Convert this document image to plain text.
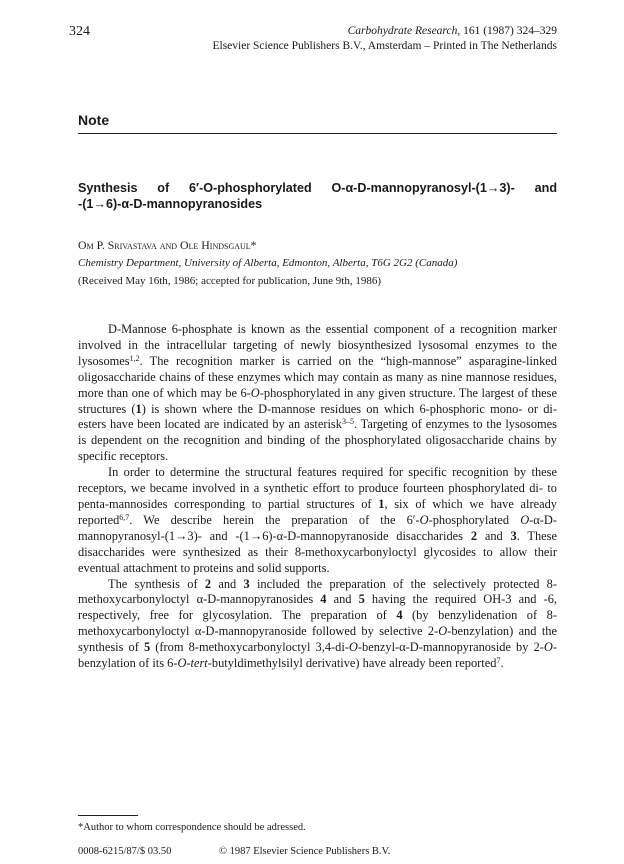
324	Carbohydrate Research, 161 (1987) 324–329
Elsevier Science Publishers B.V., Amsterdam – Printed in The Netherlands
Note
Synthesis of 6′-O-phosphorylated O-α-D-mannopyranosyl-(1→3)- and
-(1→6)-α-D-mannopyranosides
Om P. Srivastava and Ole Hindsgaul*
Chemistry Department, University of Alberta, Edmonton, Alberta, T6G 2G2 (Canada)
(Received May 16th, 1986; accepted for publication, June 9th, 1986)

D-Mannose 6-phosphate is known as the essential component of a recognition marker involved in the intracellular targeting of newly biosynthesized lysosomal enzymes to the lysosomes$^{1,2}$. The recognition marker is carried on the “high-mannose” asparagine-linked oligosaccharide chains of these enzymes which may contain as many as nine mannose residues, more than one of which may be 6-O-phosphorylated in any given structure. The largest of these structures (1) is shown where the D-mannose residues on which 6-phosphoric mono- or di-esters have been located are indicated by an asterisk$^{3-5}$. Targeting of enzymes to the lysosomes is dependent on the recognition and binding of the phosphorylated oligosaccharide chains by specific receptors.

In order to determine the structural features required for specific recognition by these receptors, we became involved in a synthetic effort to produce fourteen phosphorylated di- to penta-mannosides corresponding to partial structures of 1, six of which we have already reported$^{6,7}$. We describe herein the preparation of the 6′-O-phosphorylated O-α-D-mannopyranosyl-(1→3)- and -(1→6)-α-D-mannopyranoside disaccharides 2 and 3. These disaccharides were synthesized as their 8-methoxycarbonyloctyl glycosides to allow their eventual attachment to proteins and solid supports.

The synthesis of 2 and 3 included the preparation of the selectively protected 8-methoxycarbonyloctyl α-D-mannopyranosides 4 and 5 having the required OH-3 and -6, respectively, free for glycosylation. The preparation of 4 (by benzylidenation of 8-methoxycarbonyloctyl α-D-mannopyranoside followed by selective 2-O-benzylation) and the synthesis of 5 (from 8-methoxycarbonyloctyl 3,4-di-O-benzyl-α-D-mannopyranoside by 2-O-benzylation of its 6-O-tert-butyldimethylsilyl derivative) have already been reported$^7$.

*Author to whom correspondence should be adressed.
0008-6215/87/$ 03.50	© 1987 Elsevier Science Publishers B.V.
